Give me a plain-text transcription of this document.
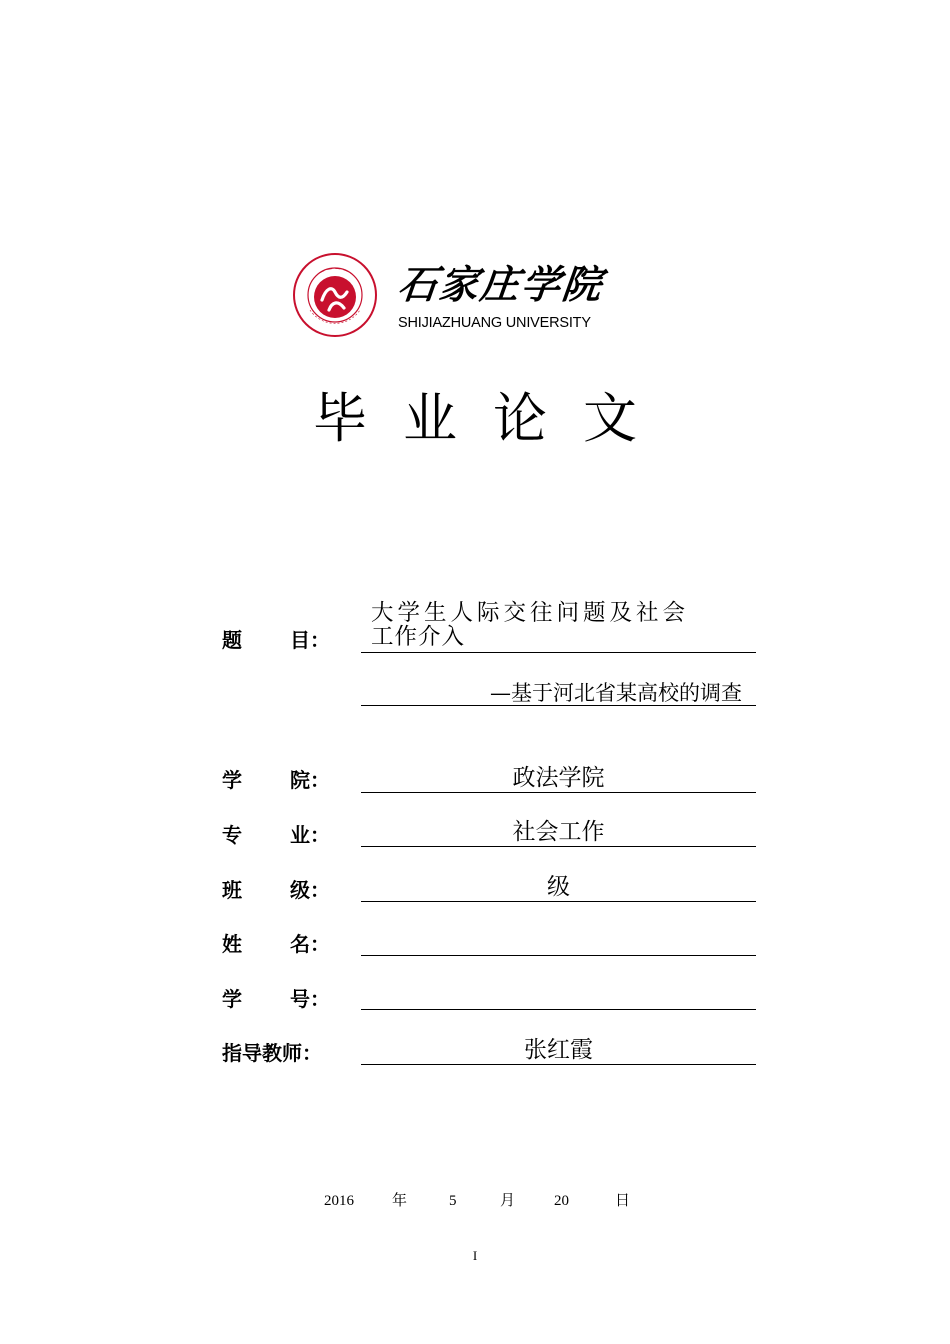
石家庄学院
SHIJIAZHUANG UNIVERSITY
毕业论文
题 目：
大学生人际交往问题及社会
工作介入
—基于河北省某高校的调查
学 院：	政法学院
专 业：	社会工作
班 级：	级
姓 名：
学 号：
指导教师：	张红霞
2016	年	5	月	20	日
I
